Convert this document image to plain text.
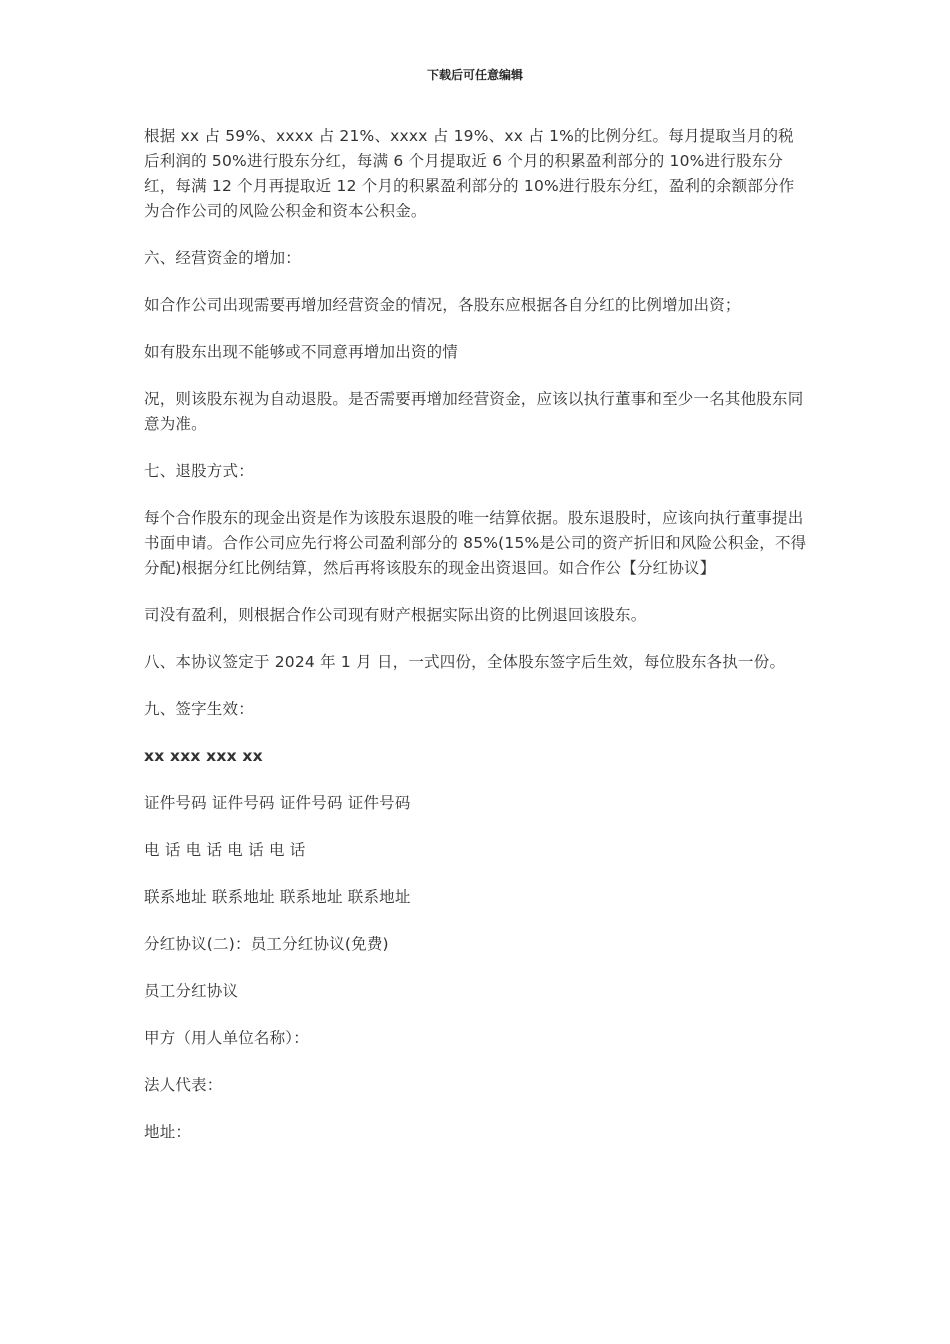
下载后可任意编辑

根据 xx 占 59%、xxxx 占 21%、xxxx 占 19%、xx 占 1%的比例分红。每月提取当月的税后利润的 50%进行股东分红，每满 6 个月提取近 6 个月的积累盈利部分的 10%进行股东分红，每满 12 个月再提取近 12 个月的积累盈利部分的 10%进行股东分红，盈利的余额部分作为合作公司的风险公积金和资本公积金。

六、经营资金的增加：

如合作公司出现需要再增加经营资金的情况，各股东应根据各自分红的比例增加出资；

如有股东出现不能够或不同意再增加出资的情

况，则该股东视为自动退股。是否需要再增加经营资金，应该以执行董事和至少一名其他股东同意为准。

七、退股方式：

每个合作股东的现金出资是作为该股东退股的唯一结算依据。股东退股时，应该向执行董事提出书面申请。合作公司应先行将公司盈利部分的 85%(15%是公司的资产折旧和风险公积金，不得分配)根据分红比例结算，然后再将该股东的现金出资退回。如合作公【分红协议】

司没有盈利，则根据合作公司现有财产根据实际出资的比例退回该股东。

八、本协议签定于 2024 年 1 月 日，一式四份，全体股东签字后生效，每位股东各执一份。

九、签字生效：

xx xxx xxx xx

证件号码 证件号码 证件号码 证件号码

电 话 电 话 电 话 电 话

联系地址 联系地址 联系地址 联系地址

分红协议(二)：员工分红协议(免费)

员工分红协议

甲方（用人单位名称）：

法人代表：

地址：
